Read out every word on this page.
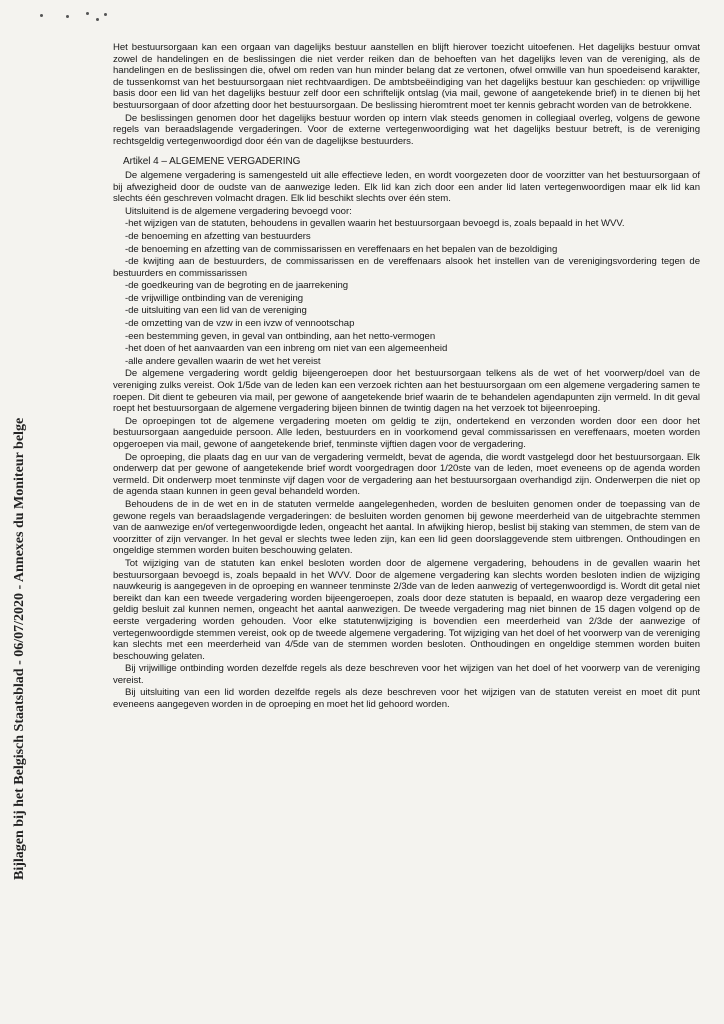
Bijlagen bij het Belgisch Staatsblad - 06/07/2020 - Annexes du Moniteur belge

Het bestuursorgaan kan een orgaan van dagelijks bestuur aanstellen en blijft hierover toezicht uitoefenen. Het dagelijks bestuur omvat zowel de handelingen en de beslissingen die niet verder reiken dan de behoeften van het dagelijks leven van de vereniging, als de handelingen en de beslissingen die, ofwel om reden van hun minder belang dat ze vertonen, ofwel omwille van hun spoedeisend karakter, de tussenkomst van het bestuursorgaan niet rechtvaardigen. De ambtsbeëindiging van het dagelijks bestuur kan geschieden: op vrijwillige basis door een lid van het dagelijks bestuur zelf door een schriftelijk ontslag (via mail, gewone of aangetekende brief) in te dienen bij het bestuursorgaan of door afzetting door het bestuursorgaan. De beslissing hieromtrent moet ter kennis gebracht worden van de betrokkene.

De beslissingen genomen door het dagelijks bestuur worden op intern vlak steeds genomen in collegiaal overleg, volgens de gewone regels van beraadslagende vergaderingen. Voor de externe vertegenwoordiging wat het dagelijks bestuur betreft, is de vereniging rechtsgeldig vertegenwoordigd door één van de dagelijkse bestuurders.

Artikel 4 – ALGEMENE VERGADERING

De algemene vergadering is samengesteld uit alle effectieve leden, en wordt voorgezeten door de voorzitter van het bestuursorgaan of bij afwezigheid door de oudste van de aanwezige leden. Elk lid kan zich door een ander lid laten vertegenwoordigen maar elk lid kan slechts één geschreven volmacht dragen. Elk lid beschikt slechts over één stem.

Uitsluitend is de algemene vergadering bevoegd voor:

-het wijzigen van de statuten, behoudens in gevallen waarin het bestuursorgaan bevoegd is, zoals bepaald in het WVV.
-de benoeming en afzetting van bestuurders
-de benoeming en afzetting van de commissarissen en vereffenaars en het bepalen van de bezoldiging
-de kwijting aan de bestuurders, de commissarissen en de vereffenaars alsook het instellen van de verenigingsvordering tegen de bestuurders en commissarissen
-de goedkeuring van de begroting en de jaarrekening
-de vrijwillige ontbinding van de vereniging
-de uitsluiting van een lid van de vereniging
-de omzetting van de vzw in een ivzw of vennootschap
-een bestemming geven, in geval van ontbinding, aan het netto-vermogen
-het doen of het aanvaarden van een inbreng om niet van een algemeenheid
-alle andere gevallen waarin de wet het vereist

De algemene vergadering wordt geldig bijeengeroepen door het bestuursorgaan telkens als de wet of het voorwerp/doel van de vereniging zulks vereist. Ook 1/5de van de leden kan een verzoek richten aan het bestuursorgaan om een algemene vergadering samen te roepen. Dit dient te gebeuren via mail, per gewone of aangetekende brief waarin de te behandelen agendapunten zijn vermeld. In dit geval roept het bestuursorgaan de algemene vergadering bijeen binnen de twintig dagen na het verzoek tot bijeenroeping.

De oproepingen tot de algemene vergadering moeten om geldig te zijn, ondertekend en verzonden worden door een door het bestuursorgaan aangeduide persoon. Alle leden, bestuurders en in voorkomend geval commissarissen en vereffenaars, moeten worden opgeroepen via mail, gewone of aangetekende brief, tenminste vijftien dagen voor de vergadering.

De oproeping, die plaats dag en uur van de vergadering vermeldt, bevat de agenda, die wordt vastgelegd door het bestuursorgaan. Elk onderwerp dat per gewone of aangetekende brief wordt voorgedragen door 1/20ste van de leden, moet eveneens op de agenda worden vermeld. Dit onderwerp moet tenminste vijf dagen voor de vergadering aan het bestuursorgaan overhandigd zijn. Onderwerpen die niet op de agenda staan kunnen in geen geval behandeld worden.

Behoudens de in de wet en in de statuten vermelde aangelegenheden, worden de besluiten genomen onder de toepassing van de gewone regels van beraadslagende vergaderingen: de besluiten worden genomen bij gewone meerderheid van de uitgebrachte stemmen van de aanwezige en/of vertegenwoordigde leden, ongeacht het aantal. In afwijking hierop, beslist bij staking van stemmen, de stem van de voorzitter of zijn vervanger. In het geval er slechts twee leden zijn, kan een lid geen doorslaggevende stem uitbrengen. Onthoudingen en ongeldige stemmen worden buiten beschouwing gelaten.

Tot wijziging van de statuten kan enkel besloten worden door de algemene vergadering, behoudens in de gevallen waarin het bestuursorgaan bevoegd is, zoals bepaald in het WVV. Door de algemene vergadering kan slechts worden besloten indien de wijziging nauwkeurig is aangegeven in de oproeping en wanneer tenminste 2/3de van de leden aanwezig of vertegenwoordigd is. Wordt dit getal niet bereikt dan kan een tweede vergadering worden bijeengeroepen, zoals door deze statuten is bepaald, en waarop deze vergadering een geldig besluit zal kunnen nemen, ongeacht het aantal aanwezigen. De tweede vergadering mag niet binnen de 15 dagen volgend op de eerste vergadering worden gehouden. Voor elke statutenwijziging is bovendien een meerderheid van 2/3de der aanwezige of vertegenwoordigde stemmen vereist, ook op de tweede algemene vergadering. Tot wijziging van het doel of het voorwerp van de vereniging kan slechts met een meerderheid van 4/5de van de stemmen worden besloten. Onthoudingen en ongeldige stemmen worden buiten beschouwing gelaten.

Bij vrijwillige ontbinding worden dezelfde regels als deze beschreven voor het wijzigen van het doel of het voorwerp van de vereniging vereist.

Bij uitsluiting van een lid worden dezelfde regels als deze beschreven voor het wijzigen van de statuten vereist en moet dit punt eveneens aangegeven worden in de oproeping en moet het lid gehoord worden.
